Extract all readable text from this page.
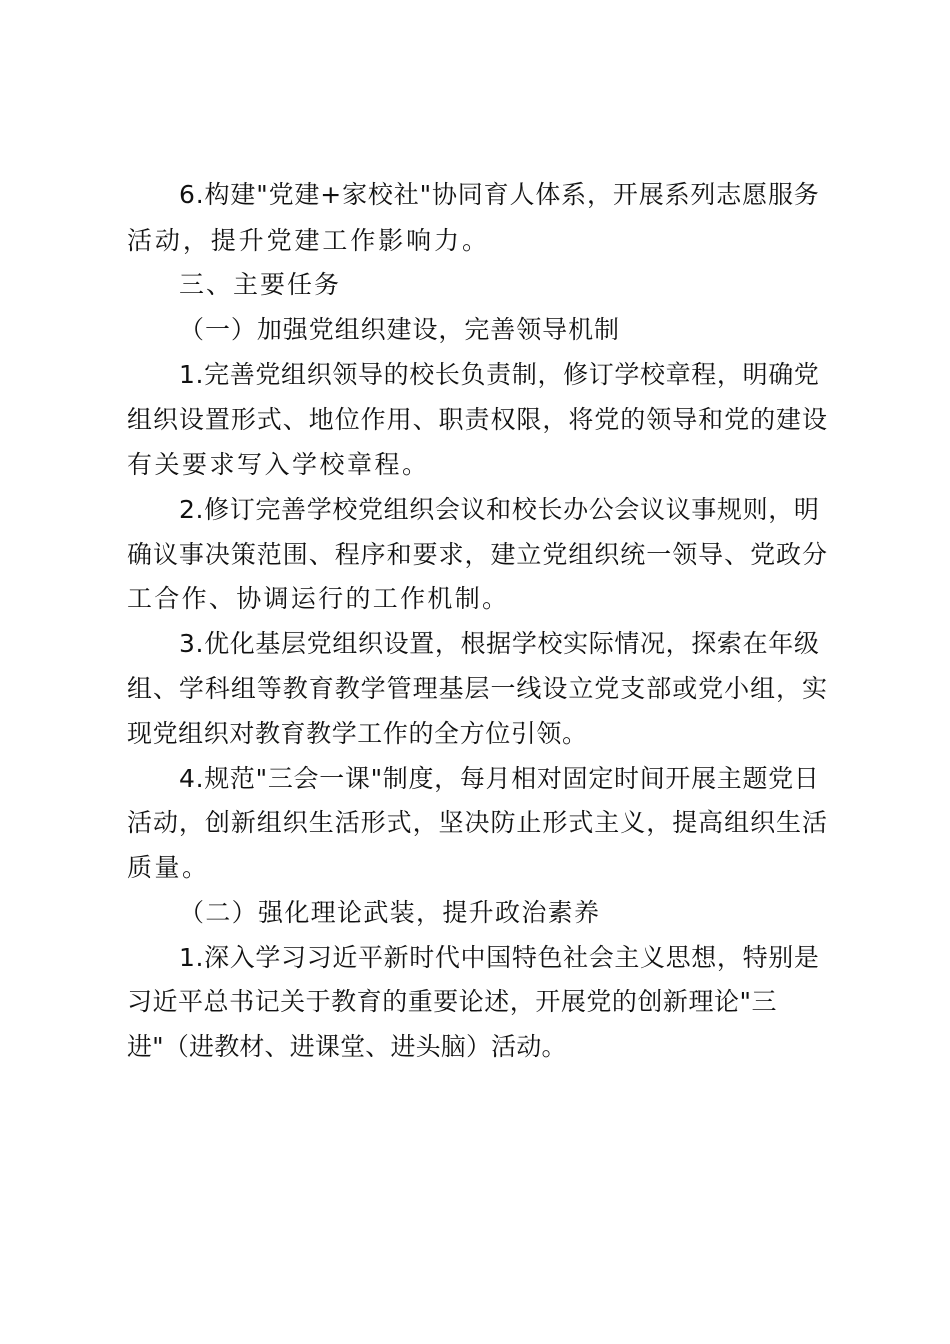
6.构建"党建+家校社"协同育人体系，开展系列志愿服务
活动，提升党建工作影响力。
三、主要任务
（一）加强党组织建设，完善领导机制
1.完善党组织领导的校长负责制，修订学校章程，明确党
组织设置形式、地位作用、职责权限，将党的领导和党的建设
有关要求写入学校章程。
2.修订完善学校党组织会议和校长办公会议议事规则，明
确议事决策范围、程序和要求，建立党组织统一领导、党政分
工合作、协调运行的工作机制。
3.优化基层党组织设置，根据学校实际情况，探索在年级
组、学科组等教育教学管理基层一线设立党支部或党小组，实
现党组织对教育教学工作的全方位引领。
4.规范"三会一课"制度，每月相对固定时间开展主题党日
活动，创新组织生活形式，坚决防止形式主义，提高组织生活
质量。
（二）强化理论武装，提升政治素养
1.深入学习习近平新时代中国特色社会主义思想，特别是
习近平总书记关于教育的重要论述，开展党的创新理论"三
进"（进教材、进课堂、进头脑）活动。
